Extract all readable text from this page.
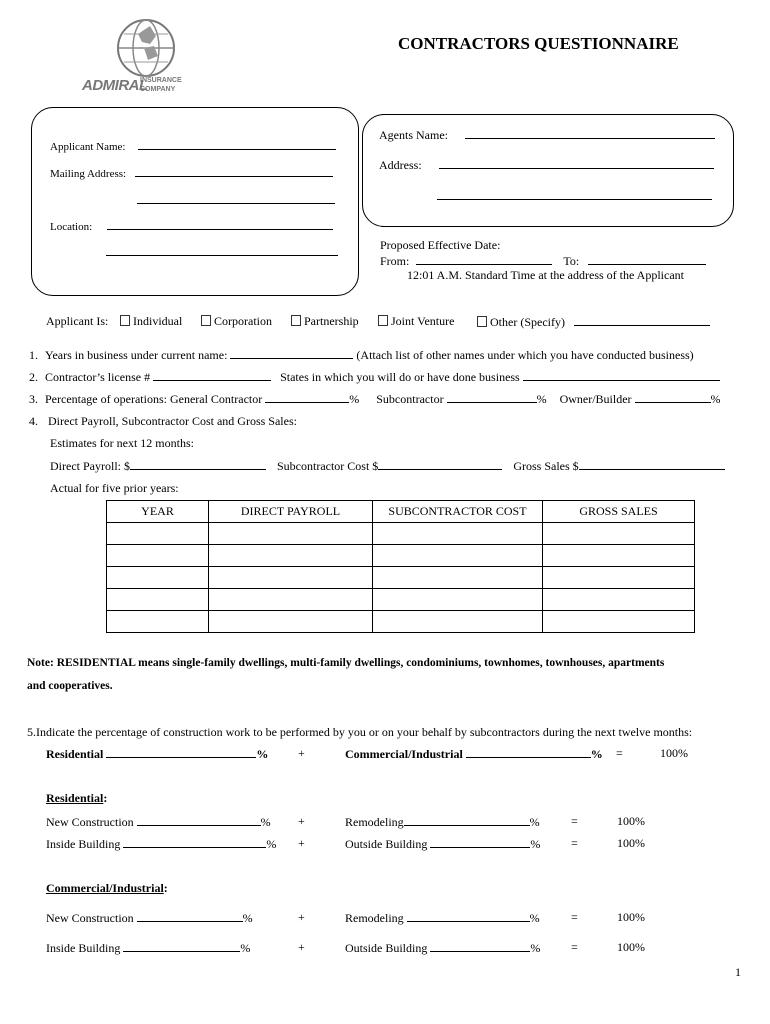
ADMIRAL
INSURANCE
COMPANY
CONTRACTORS QUESTIONNAIRE
Applicant Name:
Mailing Address:
Location:
Agents Name:
Address:
Proposed Effective Date:
From:	To:
12:01 A.M. Standard Time at the address of the Applicant
Applicant Is:	Individual	Corporation	Partnership	Joint Venture	Other (Specify)
1. Years in business under current name:	(Attach list of other names under which you have conducted business)
2. Contractor’s license #	States in which you will do or have done business
3. Percentage of operations: General Contractor	% Subcontractor	% Owner/Builder	%
4. Direct Payroll, Subcontractor Cost and Gross Sales:
Estimates for next 12 months:
Direct Payroll: $	Subcontractor Cost $	Gross Sales $
Actual for five prior years:
YEAR	DIRECT PAYROLL	SUBCONTRACTOR COST	GROSS SALES

Note: RESIDENTIAL means single-family dwellings, multi-family dwellings, condominiums, townhomes, townhouses, apartments
and cooperatives.
5.Indicate the percentage of construction work to be performed by you or on your behalf by subcontractors during the next twelve months:
Residential	% +	Commercial/Industrial	% =	100%
Residential:
New Construction	% +	Remodeling	%	=	100%
Inside Building	% +	Outside Building	%	=	100%
Commercial/Industrial:
New Construction	%	+	Remodeling	%	=	100%
Inside Building	%	+	Outside Building	%	=	100%
1
